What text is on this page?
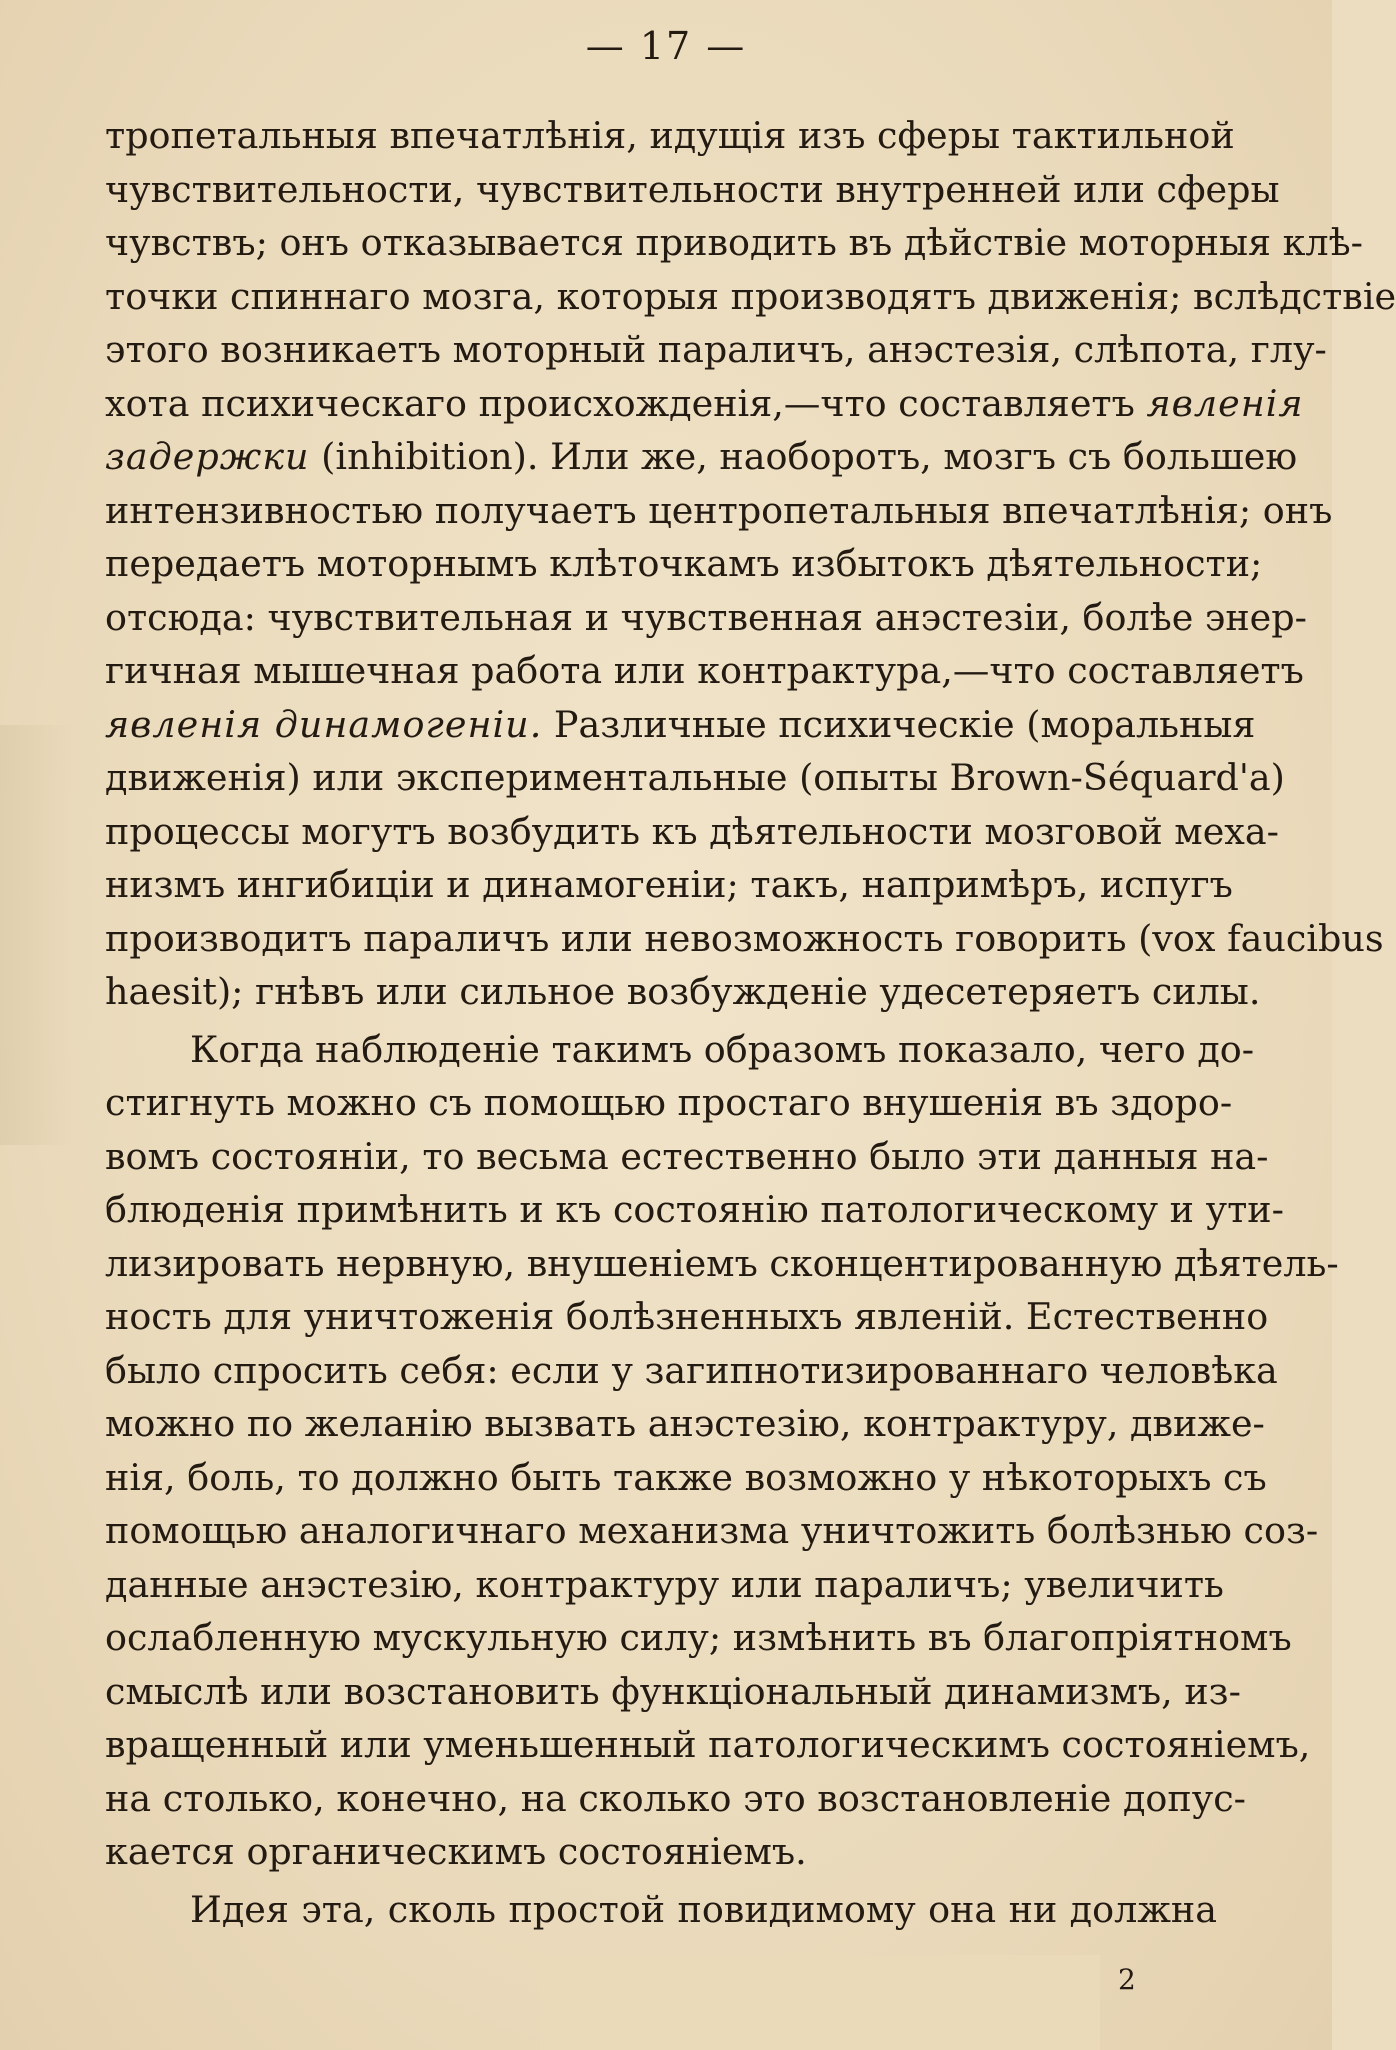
— 17 —
тропетальныя впечатлѣнія, идущія изъ сферы тактильной
чувствительности, чувствительности внутренней или сферы
чувствъ; онъ отказывается приводить въ дѣйствіе моторныя клѣ-
точки спиннаго мозга, которыя производятъ движенія; вслѣдствіе
этого возникаетъ моторный параличъ, анэстезія, слѣпота, глу-
хота психическаго происхожденія,—что составляетъ явленія
задержки (inhibition). Или же, наоборотъ, мозгъ съ большею
интензивностью получаетъ центропетальныя впечатлѣнія; онъ
передаетъ моторнымъ клѣточкамъ избытокъ дѣятельности;
отсюда: чувствительная и чувственная анэстезіи, болѣе энер-
гичная мышечная работа или контрактура,—что составляетъ
явленія динамогеніи. Различные психическіе (моральныя
движенія) или экспериментальные (опыты Brown-Séquard'a)
процессы могутъ возбудить къ дѣятельности мозговой меха-
низмъ ингибиціи и динамогеніи; такъ, напримѣръ, испугъ
производитъ параличъ или невозможность говорить (vox faucibus
haesit); гнѣвъ или сильное возбужденіе удесетеряетъ силы.
Когда наблюденіе такимъ образомъ показало, чего до-
стигнуть можно съ помощью простаго внушенія въ здоро-
вомъ состояніи, то весьма естественно было эти данныя на-
блюденія примѣнить и къ состоянію патологическому и ути-
лизировать нервную, внушеніемъ сконцентированную дѣятель-
ность для уничтоженія болѣзненныхъ явленій. Естественно
было спросить себя: если у загипнотизированнаго человѣка
можно по желанію вызвать анэстезію, контрактуру, движе-
нія, боль, то должно быть также возможно у нѣкоторыхъ съ
помощью аналогичнаго механизма уничтожить болѣзнью соз-
данные анэстезію, контрактуру или параличъ; увеличить
ослабленную мускульную силу; измѣнить въ благопріятномъ
смыслѣ или возстановить функціональный динамизмъ, из-
вращенный или уменьшенный патологическимъ состояніемъ,
на столько, конечно, на сколько это возстановленіе допус-
кается органическимъ состояніемъ.
Идея эта, сколь простой повидимому она ни должна
2
